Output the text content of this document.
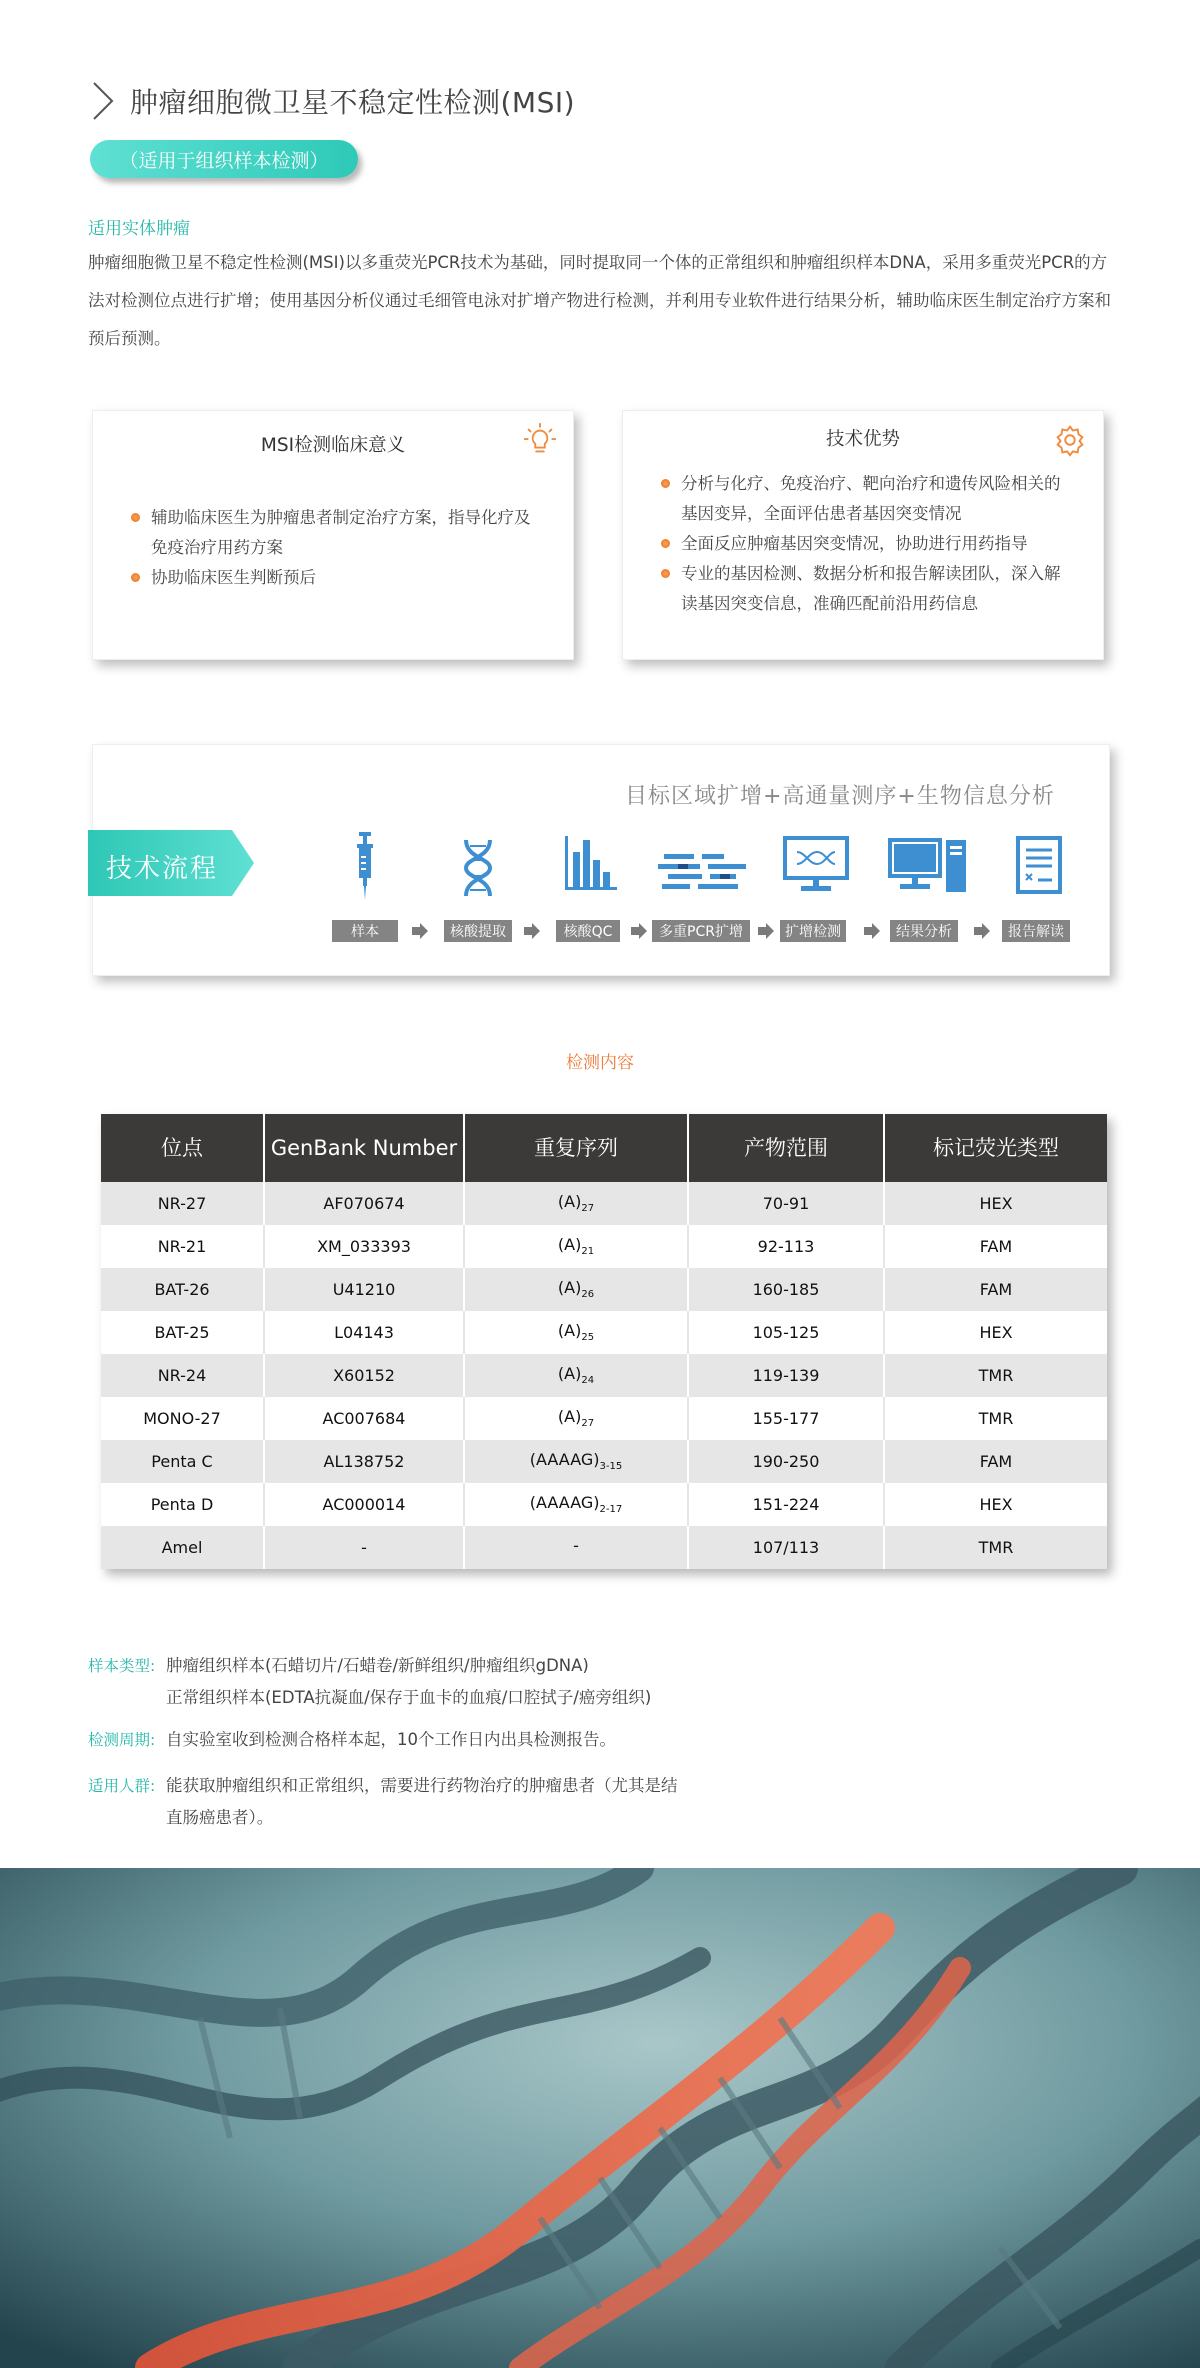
肿瘤细胞微卫星不稳定性检测(MSI)
（适用于组织样本检测）
适用实体肿瘤
肿瘤细胞微卫星不稳定性检测(MSI)以多重荧光PCR技术为基础，同时提取同一个体的正常组织和肿瘤组织样本DNA，采用多重荧光PCR的方法对检测位点进行扩增；使用基因分析仪通过毛细管电泳对扩增产物进行检测，并利用专业软件进行结果分析，辅助临床医生制定治疗方案和预后预测。
MSI检测临床意义
辅助临床医生为肿瘤患者制定治疗方案，指导化疗及免疫治疗用药方案
协助临床医生判断预后
技术优势
分析与化疗、免疫治疗、靶向治疗和遗传风险相关的基因变异，全面评估患者基因突变情况
全面反应肿瘤基因突变情况，协助进行用药指导
专业的基因检测、数据分析和报告解读团队，深入解读基因突变信息，准确匹配前沿用药信息
目标区域扩增+高通量测序+生物信息分析
技术流程
样本	核酸提取	核酸QC	多重PCR扩增	扩增检测	结果分析	报告解读
检测内容
位点	GenBank Number	重复序列	产物范围	标记荧光类型
NR-27	AF070674	$(A)_{27}$	70-91	HEX
NR-21	XM_033393	$(A)_{21}$	92-113	FAM
BAT-26	U41210	$(A)_{26}$	160-185	FAM
BAT-25	L04143	$(A)_{25}$	105-125	HEX
NR-24	X60152	$(A)_{24}$	119-139	TMR
MONO-27	AC007684	$(A)_{27}$	155-177	TMR
Penta C	AL138752	$(AAAAG)_{3-15}$	190-250	FAM
Penta D	AC000014	$(AAAAG)_{2-17}$	151-224	HEX
Amel	-	-	107/113	TMR
样本类型: 肿瘤组织样本(石蜡切片/石蜡卷/新鲜组织/肿瘤组织gDNA)
正常组织样本(EDTA抗凝血/保存于血卡的血痕/口腔拭子/癌旁组织)
检测周期: 自实验室收到检测合格样本起，10个工作日内出具检测报告。
适用人群: 能获取肿瘤组织和正常组织，需要进行药物治疗的肿瘤患者（尤其是结
直肠癌患者）。
